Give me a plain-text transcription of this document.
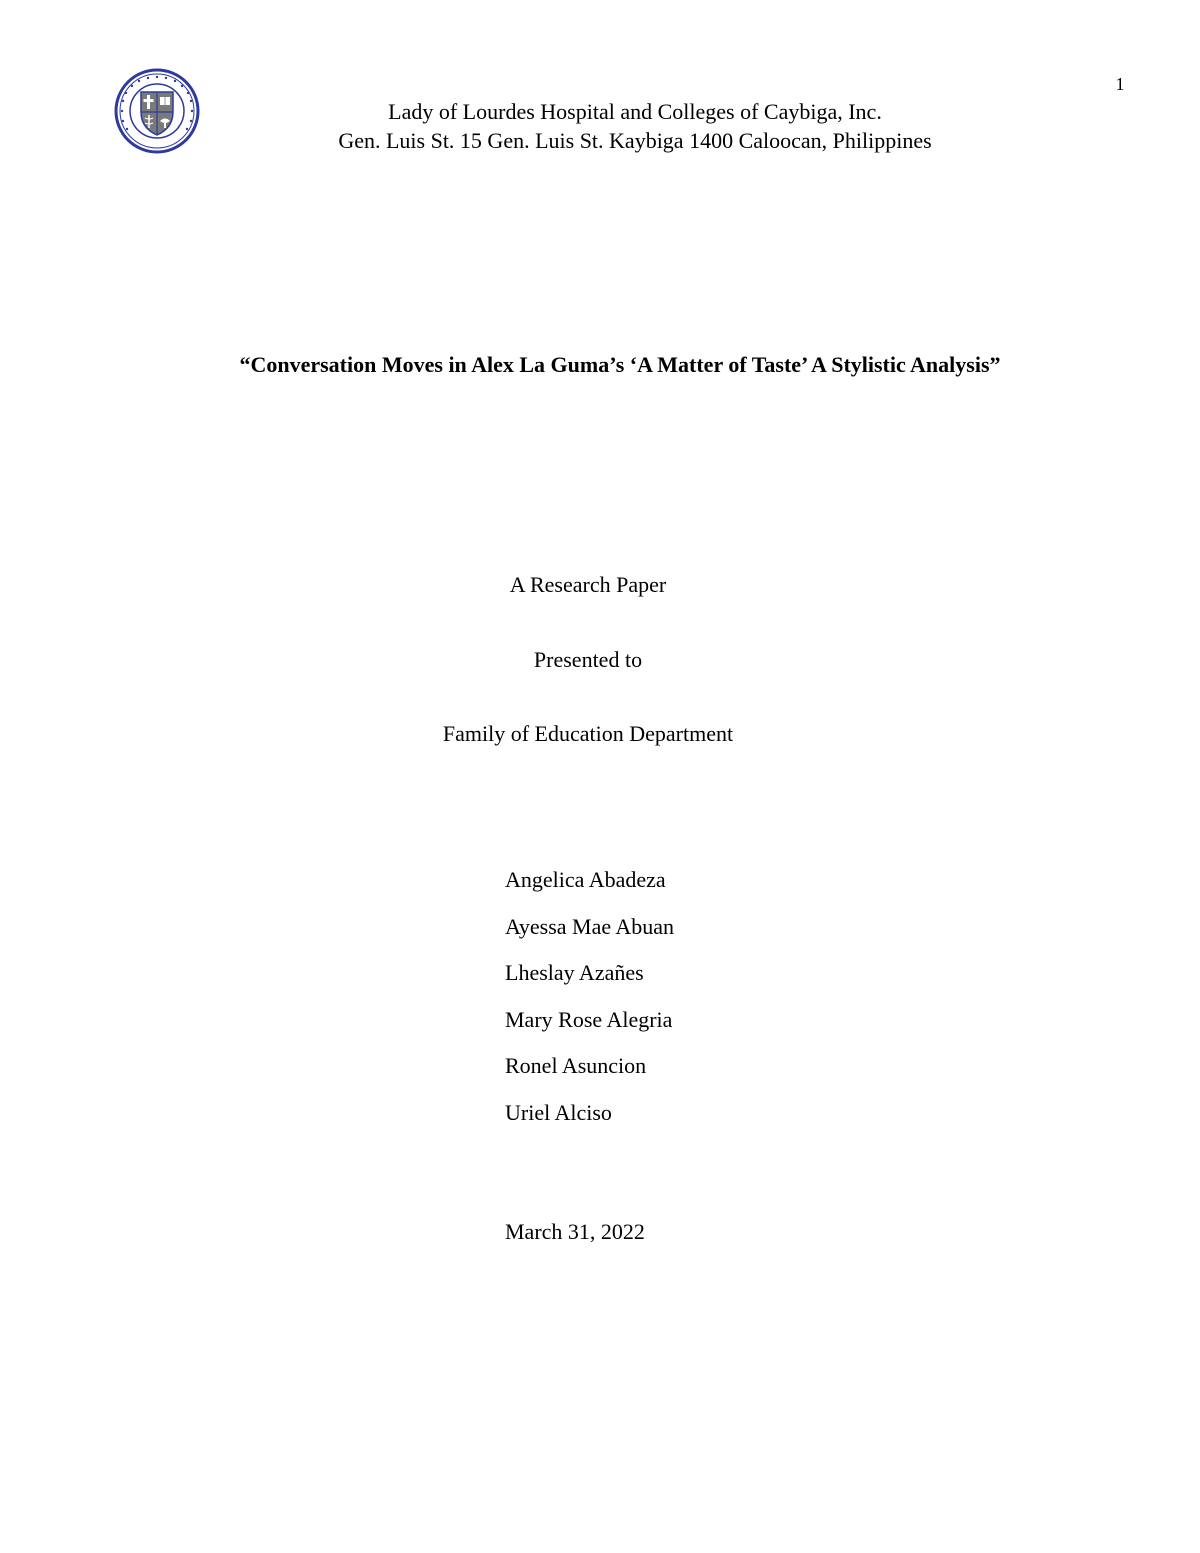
1
Lady of Lourdes Hospital and Colleges of Caybiga, Inc.
Gen. Luis St. 15 Gen. Luis St. Kaybiga 1400 Caloocan, Philippines
“Conversation Moves in Alex La Guma’s ‘A Matter of Taste’ A Stylistic Analysis”
A Research Paper
Presented to
Family of Education Department
Angelica Abadeza
Ayessa Mae Abuan
Lheslay Azañes
Mary Rose Alegria
Ronel Asuncion
Uriel Alciso
March 31, 2022
